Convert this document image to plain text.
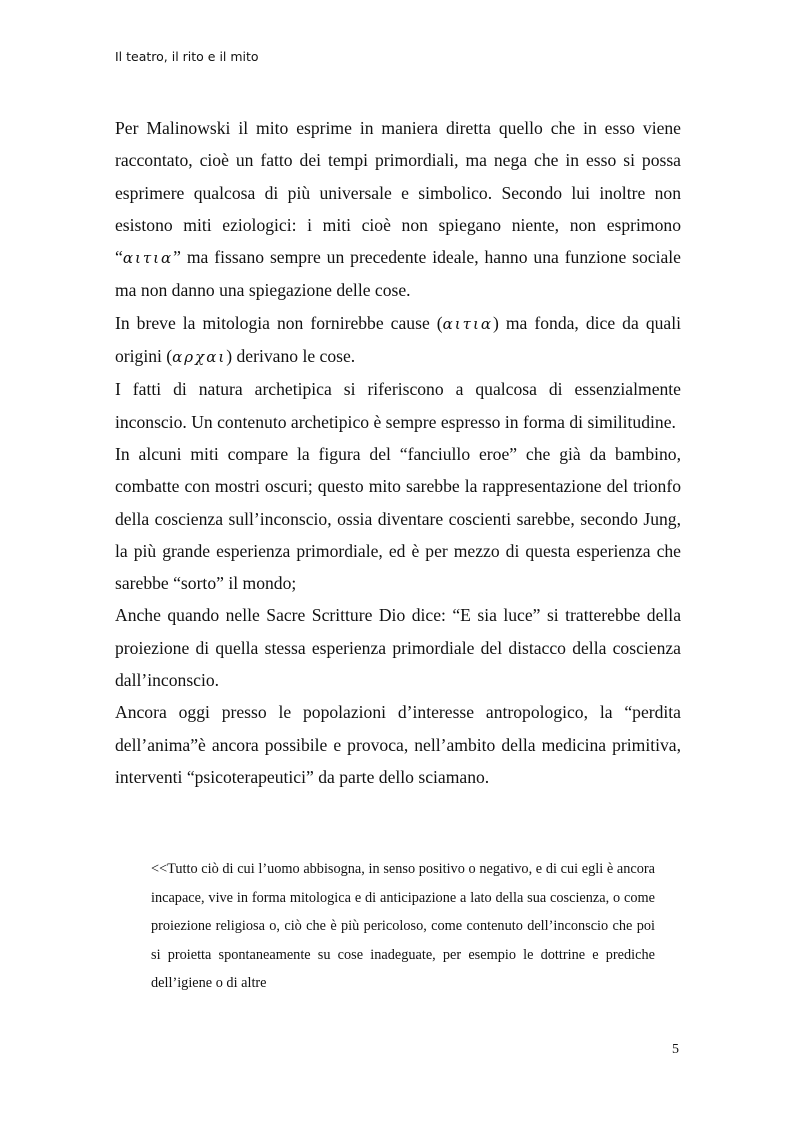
Il teatro, il rito e il mito

Per Malinowski il mito esprime in maniera diretta quello che in esso viene raccontato, cioè un fatto dei tempi primordiali, ma nega che in esso si possa esprimere qualcosa di più universale e simbolico. Secondo lui inoltre non esistono miti eziologici: i miti cioè non spiegano niente, non esprimono “αιτια” ma fissano sempre un precedente ideale, hanno una funzione sociale ma non danno una spiegazione delle cose.

In breve la mitologia non fornirebbe cause (αιτια) ma fonda, dice da quali origini (αρχαι) derivano le cose.

I fatti di natura archetipica si riferiscono a qualcosa di essenzialmente inconscio. Un contenuto archetipico è sempre espresso in forma di similitudine.

In alcuni miti compare la figura del “fanciullo eroe” che già da bambino, combatte con mostri oscuri; questo mito sarebbe la rappresentazione del trionfo della coscienza sull’inconscio, ossia diventare coscienti sarebbe, secondo Jung, la più grande esperienza primordiale, ed è per mezzo di questa esperienza che sarebbe “sorto” il mondo;

Anche quando nelle Sacre Scritture Dio dice: “E sia luce” si tratterebbe della proiezione di quella stessa esperienza primordiale del distacco della coscienza dall’inconscio.

Ancora oggi presso le popolazioni d’interesse antropologico, la “perdita dell’anima”è ancora possibile e provoca, nell’ambito della medicina primitiva, interventi “psicoterapeutici” da parte dello sciamano.

<<Tutto ciò di cui l’uomo abbisogna, in senso positivo o negativo, e di cui egli è ancora incapace, vive in forma mitologica e di anticipazione a lato della sua coscienza, o come proiezione religiosa o, ciò che è più pericoloso, come contenuto dell’inconscio che poi si proietta spontaneamente su cose inadeguate, per esempio le dottrine e prediche dell’igiene o di altre

5
